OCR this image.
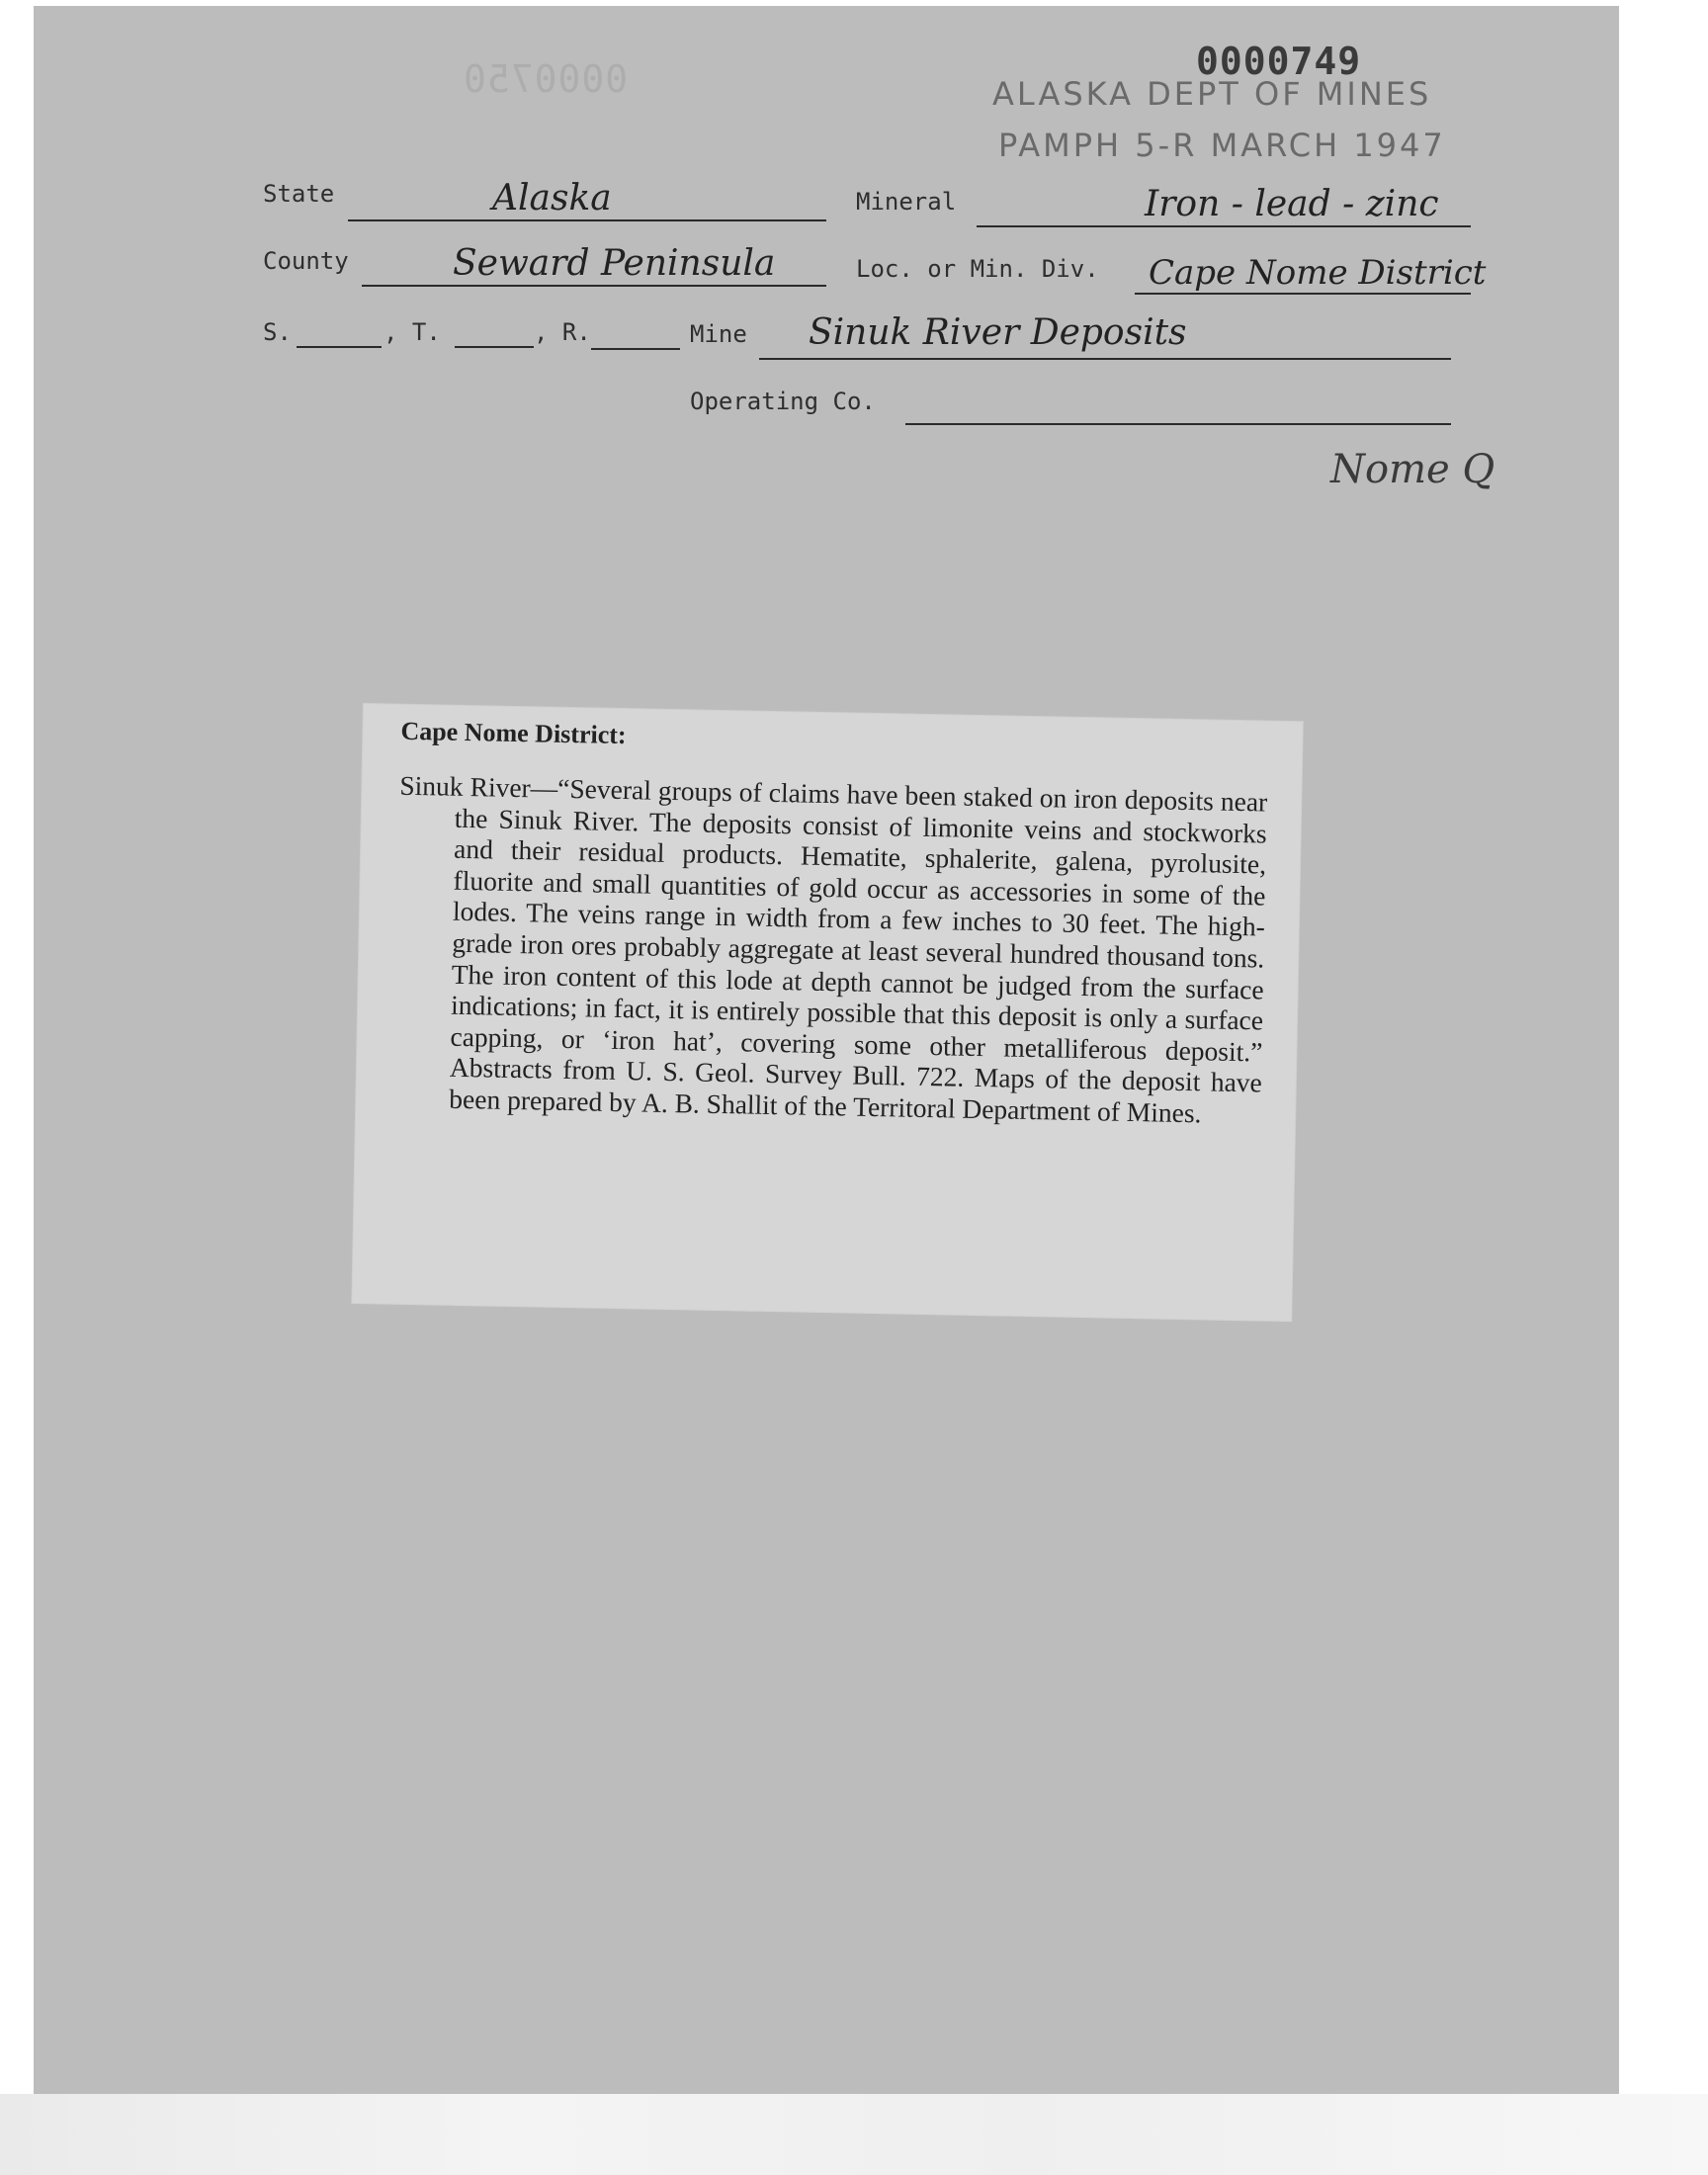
0000750	0000749
ALASKA DEPT OF MINES
PAMPH 5-R MARCH 1947
State	Alaska	Mineral	Iron - lead - zinc
County	Seward Peninsula	Loc. or Min. Div. Cape Nome District
S.	, T.	, R.	Mine Sinuk River Deposits
Operating Co.
Nome Q
Cape Nome District:
Sinuk River—“Several groups of claims have been staked on iron deposits near the Sinuk River. The deposits consist of limonite veins and stockworks and their residual products. Hematite, sphalerite, galena, pyrolusite, fluorite and small quantities of gold occur as accessories in some of the lodes. The veins range in width from a few inches to 30 feet. The high-grade iron ores probably aggregate at least several hundred thousand tons. The iron content of this lode at depth cannot be judged from the surface indications; in fact, it is entirely possible that this deposit is only a surface capping, or ‘iron hat’, covering some other metalliferous deposit.” Abstracts from U. S. Geol. Survey Bull. 722. Maps of the deposit have been prepared by A. B. Shallit of the Territoral Department of Mines.
